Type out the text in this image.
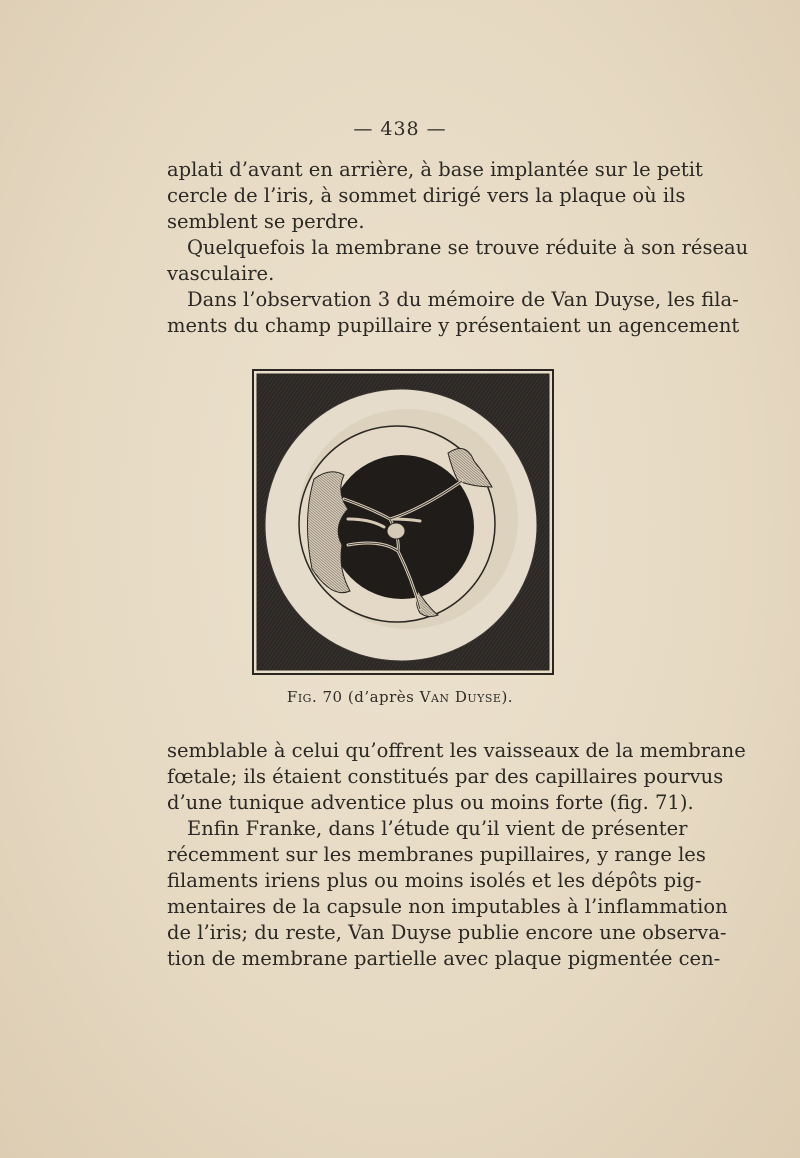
— 438 —

aplati d’avant en arrière, à base implantée sur le petit
cercle de l’iris, à sommet dirigé vers la plaque où ils
semblent se perdre.

Quelquefois la membrane se trouve réduite à son réseau
vasculaire.

Dans l’observation 3 du mémoire de Van Duyse, les fila-
ments du champ pupillaire y présentaient un agencement

Fig. 70 (d’après Van Duyse).

semblable à celui qu’offrent les vaisseaux de la membrane
fœtale; ils étaient constitués par des capillaires pourvus
d’une tunique adventice plus ou moins forte (fig. 71).

Enfin Franke, dans l’étude qu’il vient de présenter
récemment sur les membranes pupillaires, y range les
filaments iriens plus ou moins isolés et les dépôts pig-
mentaires de la capsule non imputables à l’inflammation
de l’iris; du reste, Van Duyse publie encore une observa-
tion de membrane partielle avec plaque pigmentée cen-
